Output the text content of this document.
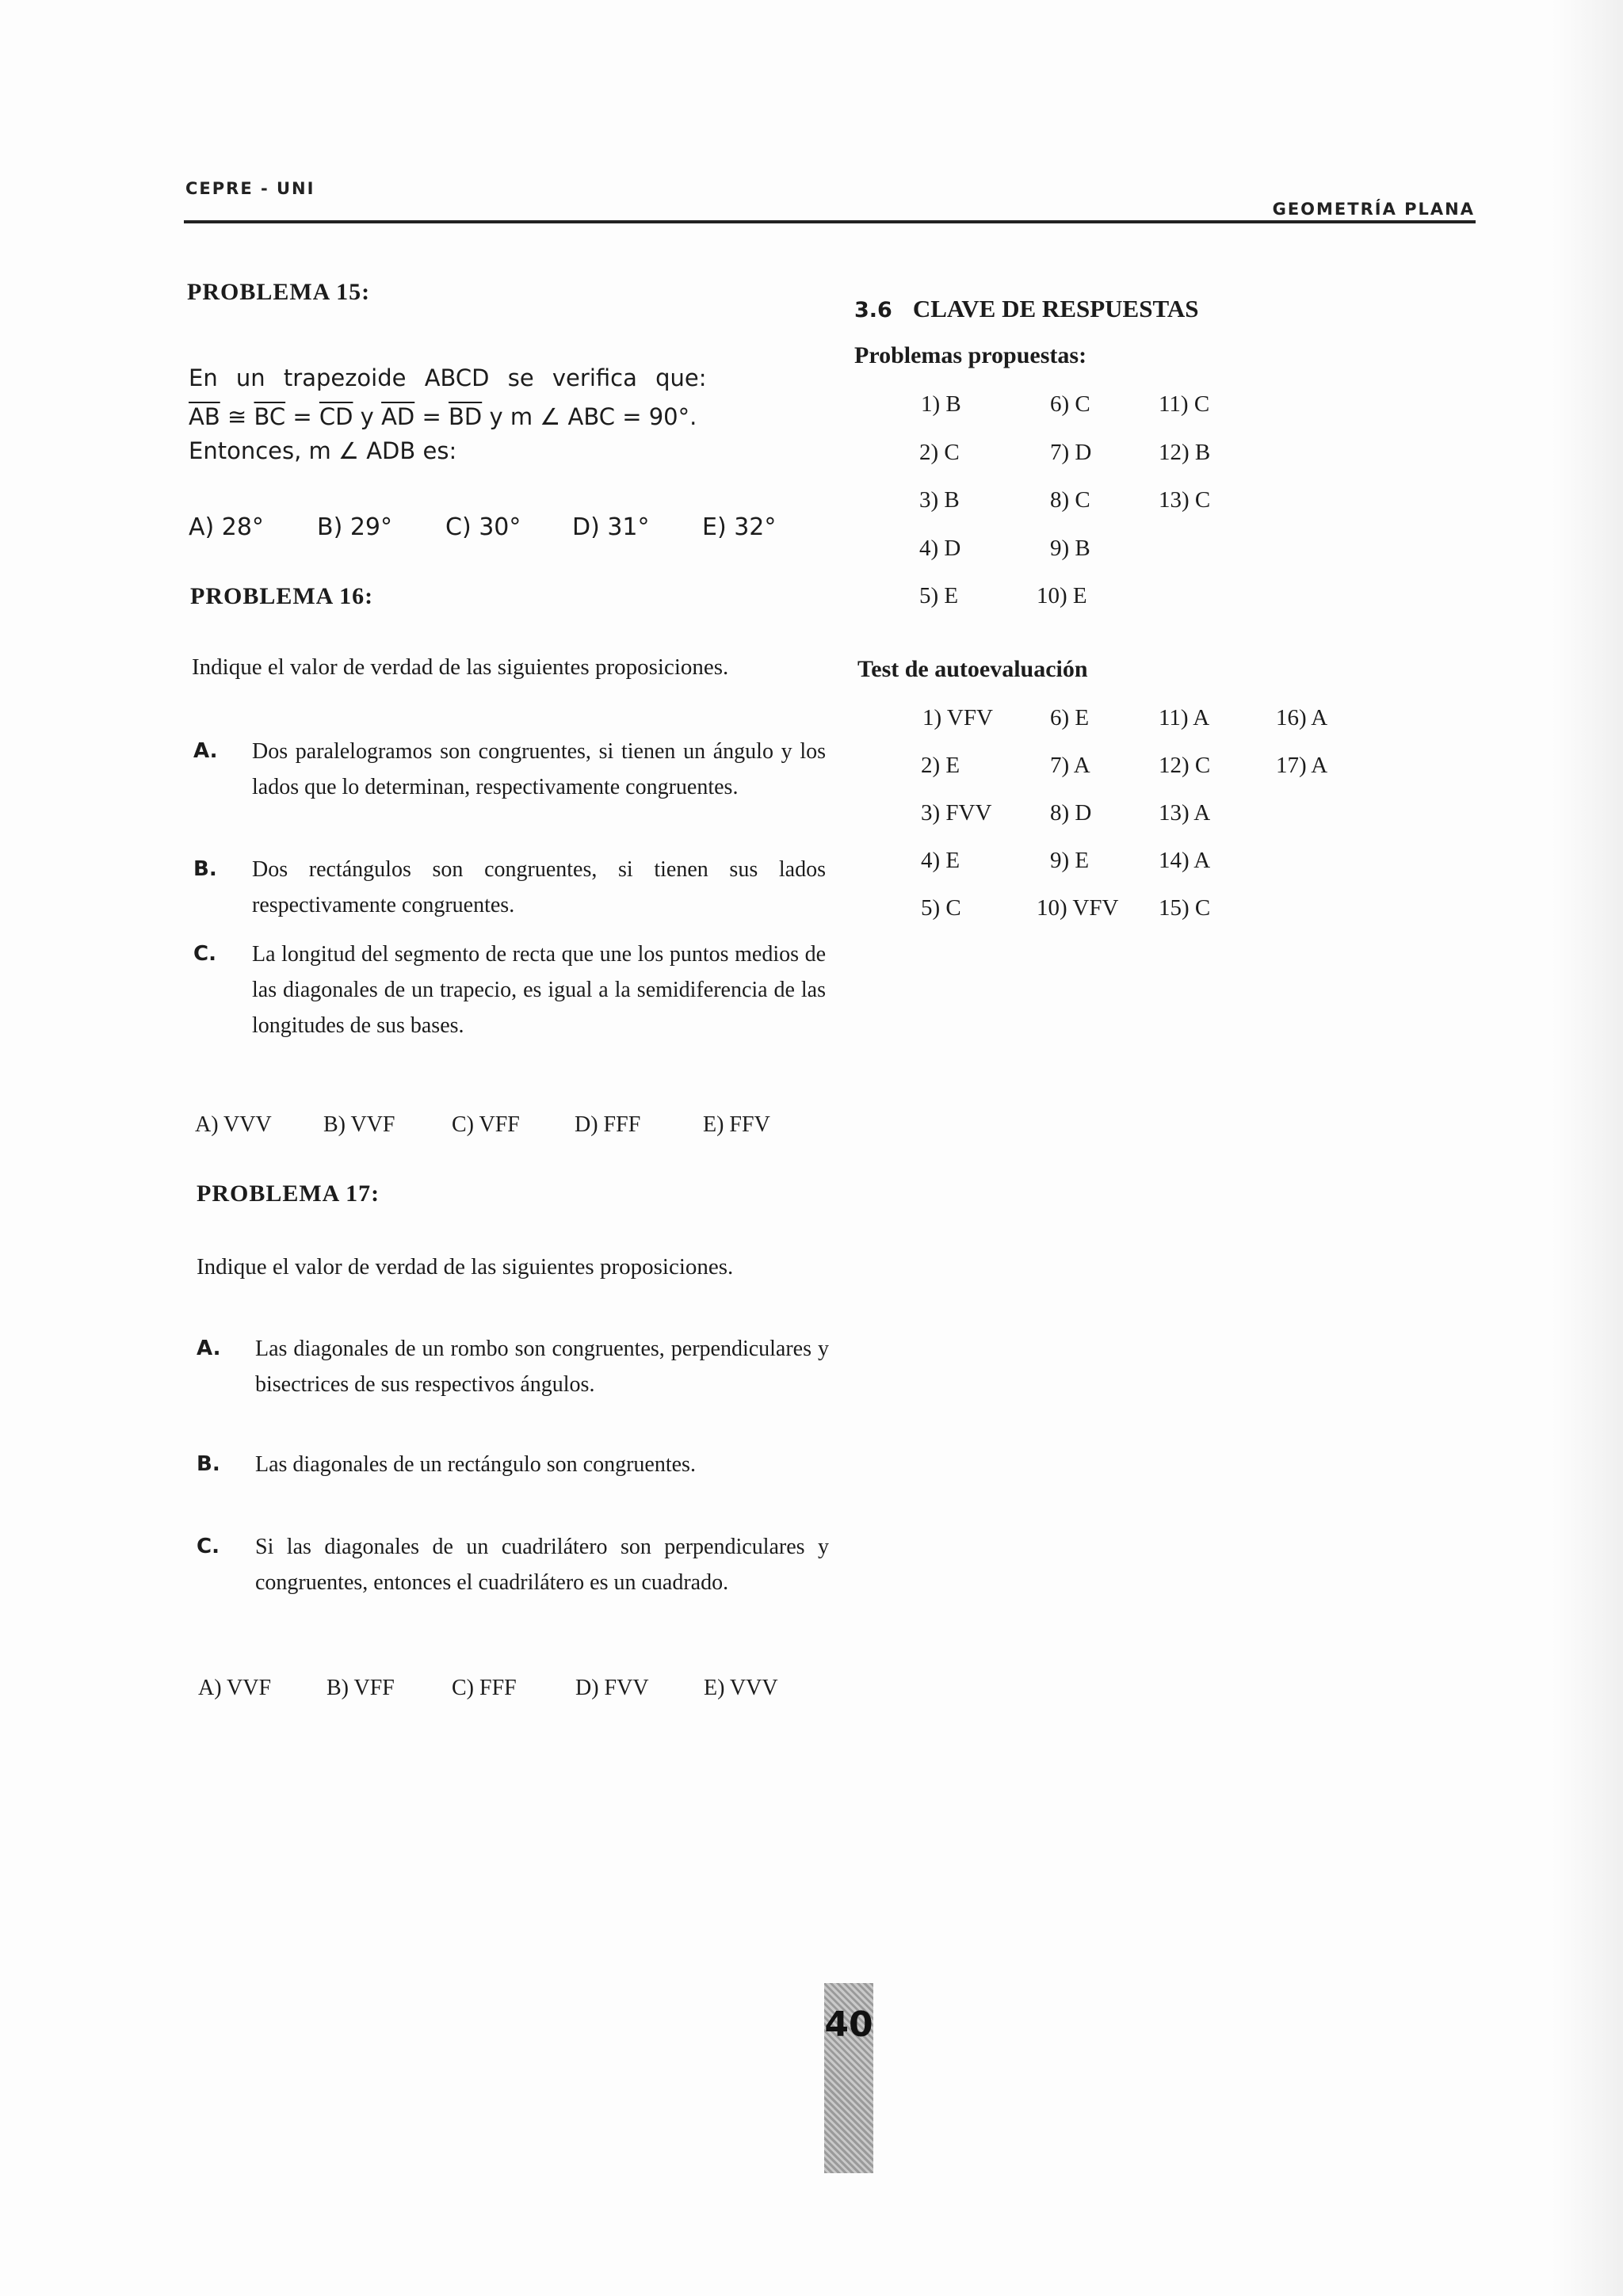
CEPRE - UNI
GEOMETRÍA PLANA
PROBLEMA 15:
En un trapezoide ABCD se verifica que:
$\overline{AB}$ ≅ $\overline{BC} = \overline{CD}$ y $\overline{AD} = \overline{BD}$ y m ∠ ABC = 90°.
Entonces, m ∠ ADB es:
A) 28°	B) 29°	C) 30°	D) 31°	E) 32°
PROBLEMA 16:
Indique el valor de verdad de las siguientes proposiciones.
A. Dos paralelogramos son congruentes, si tienen un ángulo y los lados que lo determinan, respectivamente congruentes.
B. Dos rectángulos son congruentes, si tienen sus lados respectivamente congruentes.
C. La longitud del segmento de recta que une los puntos medios de las diagonales de un trapecio, es igual a la semidiferencia de las longitudes de sus bases.
A) VVV	B) VVF	C) VFF	D) FFF	E) FFV
PROBLEMA 17:
Indique el valor de verdad de las siguientes proposiciones.
A. Las diagonales de un rombo son congruentes, perpendiculares y bisectrices de sus respectivos ángulos.
B. Las diagonales de un rectángulo son congruentes.
C. Si las diagonales de un cuadrilátero son perpendiculares y congruentes, entonces el cuadrilátero es un cuadrado.
A) VVF	B) VFF	C) FFF	D) FVV	E) VVV
3.6 CLAVE DE RESPUESTAS
Problemas propuestas:
1) B	6) C	11) C
2) C	7) D	12) B
3) B	8) C	13) C
4) D	9) B
5) E	10) E
Test de autoevaluación
1) VFV 6) E	11) A	16) A
2) E	7) A	12) C	17) A
3) FVV	8) D	13) A
4) E	9) E	14) A
5) C	10) VFV 15) C
40
